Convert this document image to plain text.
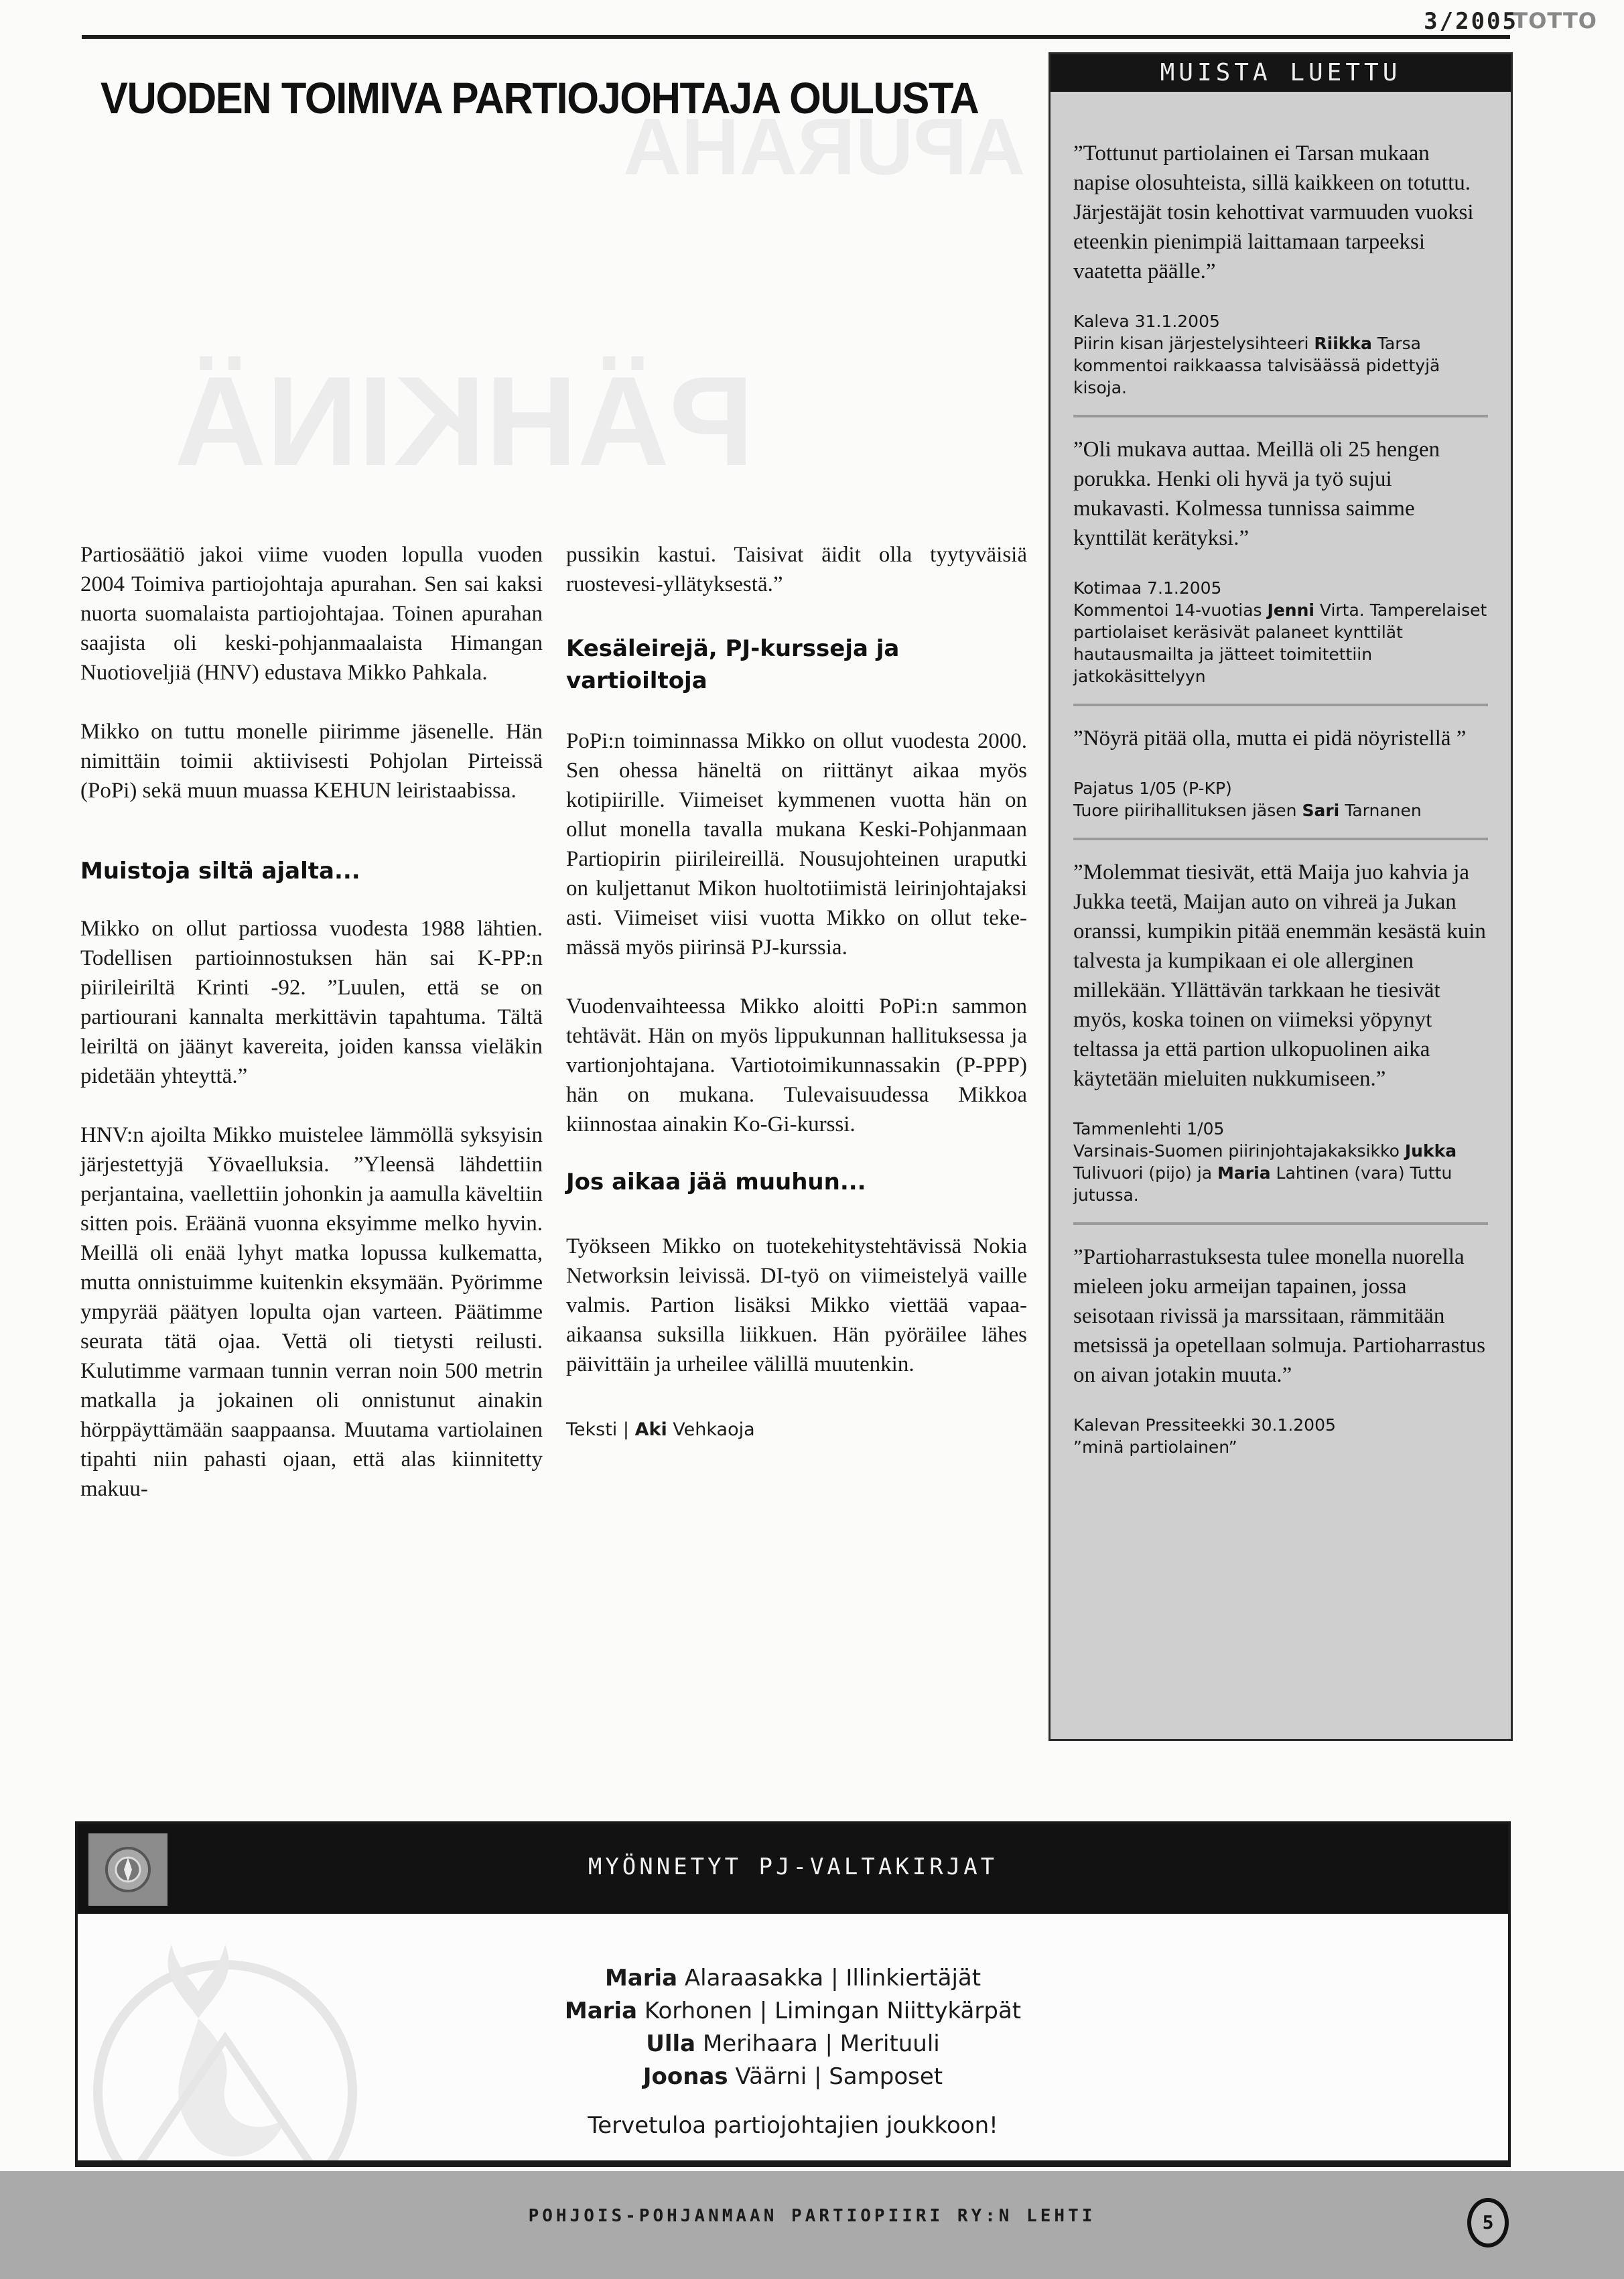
3/2005
TOTTO
APURAHA
PÄHKINÄ
VUODEN TOIMIVA PARTIOJOHTAJA OULUSTA

Partiosäätiö jakoi viime vuoden lopulla vuoden 2004 Toimiva partiojohtaja apurahan. Sen sai kaksi nuorta suomalaista partiojohtajaa. Toinen apurahan saajista oli keski-pohjanmaalaista Himangan Nuotioveljiä (HNV) edustava Mikko Pahkala.

Mikko on tuttu monelle piirimme jäsenelle. Hän nimittäin toimii aktiivisesti Pohjolan Pirteissä (PoPi) sekä muun muassa KEHUN leiristaabissa.

Muistoja siltä ajalta...

Mikko on ollut partiossa vuodesta 1988 lähtien. Todellisen partioinnostuksen hän sai K-PP:n piirileiriltä Krinti -92. ”Luulen, että se on partiourani kannalta merkittävin tapahtuma. Tältä leiriltä on jäänyt kavereita, joiden kanssa vieläkin pidetään yhteyttä.”

HNV:n ajoilta Mikko muistelee lämmöllä syksyisin järjestettyjä Yövaelluksia. ”Yleensä lähdettiin perjantaina, vaellettiin johonkin ja aamulla käveltiin sitten pois. Eräänä vuonna eksyimme melko hyvin. Meillä oli enää lyhyt matka lopussa kulkematta, mutta onnistuimme kuitenkin eksymään. Pyörimme ympyrää päätyen lopulta ojan varteen. Päätimme seurata tätä ojaa. Vettä oli tietysti reilusti. Kulutimme varmaan tunnin verran noin 500 metrin matkalla ja jokainen oli onnistunut ainakin hörppäyttämään saappaansa. Muutama vartiolainen tipahti niin pahasti ojaan, että alas kiinnitetty makuu-

pussikin kastui. Taisivat äidit olla tyytyväisiä ruostevesi-yllätyksestä.”

Kesäleirejä, PJ-kursseja ja vartioiltoja

PoPi:n toiminnassa Mikko on ollut vuodesta 2000. Sen ohessa häneltä on riittänyt aikaa myös kotipiirille. Viimeiset kymmenen vuotta hän on ollut monella tavalla mukana Keski-Pohjanmaan Partiopirin piirileireillä. Nousujohteinen uraputki on kuljettanut Mikon huoltotiimistä leirinjohtajaksi asti. Viimeiset viisi vuotta Mikko on ollut tekemässä myös piirinsä PJ-kurssia.

Vuodenvaihteessa Mikko aloitti PoPi:n sammon tehtävät. Hän on myös lippukunnan hallituksessa ja vartionjohtajana. Vartiotoimikunnassakin (P-PPP) hän on mukana. Tulevaisuudessa Mikkoa kiinnostaa ainakin Ko-Gi-kurssi.

Jos aikaa jää muuhun...

Työkseen Mikko on tuotekehitystehtävissä Nokia Networksin leivissä. DI-työ on viimeistelyä vaille valmis. Partion lisäksi Mikko viettää vapaa-aikaansa suksilla liikkuen. Hän pyöräilee lähes päivittäin ja urheilee välillä muutenkin.

Teksti | Aki Vehkaoja
MUISTA LUETTU

”Tottunut partiolainen ei Tarsan mukaan napise olosuhteista, sillä kaikkeen on totuttu. Järjestäjät tosin kehottivat varmuuden vuoksi eteenkin pienimpiä laittamaan tarpeeksi vaatetta päälle.”

Kaleva 31.1.2005
Piirin kisan järjestelysihteeri Riikka Tarsa kommentoi raikkaassa talvisäässä pidettyjä kisoja.

”Oli mukava auttaa. Meillä oli 25 hengen porukka. Henki oli hyvä ja työ sujui mukavasti. Kolmessa tunnissa saimme kynttilät kerätyksi.”

Kotimaa 7.1.2005
Kommentoi 14-vuotias Jenni Virta. Tamperelaiset partiolaiset keräsivät palaneet kynttilät hautausmailta ja jätteet toimitettiin jatkokäsittelyyn

”Nöyrä pitää olla, mutta ei pidä nöyristellä ”

Pajatus 1/05 (P-KP)
Tuore piirihallituksen jäsen Sari Tarnanen

”Molemmat tiesivät, että Maija juo kahvia ja Jukka teetä, Maijan auto on vihreä ja Jukan oranssi, kumpikin pitää enemmän kesästä kuin talvesta ja kumpikaan ei ole allerginen millekään. Yllättävän tarkkaan he tiesivät myös, koska toinen on viimeksi yöpynyt teltassa ja että partion ulkopuolinen aika käytetään mieluiten nukkumiseen.”

Tammenlehti 1/05
Varsinais-Suomen piirinjohtajakaksikko Jukka Tulivuori (pijo) ja Maria Lahtinen (vara) Tuttu jutussa.

”Partioharrastuksesta tulee monella nuorella mieleen joku armeijan tapainen, jossa seisotaan rivissä ja marssitaan, rämmitään metsissä ja opetellaan solmuja. Partioharrastus on aivan jotakin muuta.”

Kalevan Pressiteekki 30.1.2005
”minä partiolainen”
MYÖNNETYT PJ-VALTAKIRJAT
Maria Alaraasakka | Illinkiertäjät
Maria Korhonen | Limingan Niittykärpät
Ulla Merihaara | Merituuli
Joonas Väärni | Samposet
Tervetuloa partiojohtajien joukkoon!
POHJOIS-POHJANMAAN PARTIOPIIRI RY:N LEHTI	5
